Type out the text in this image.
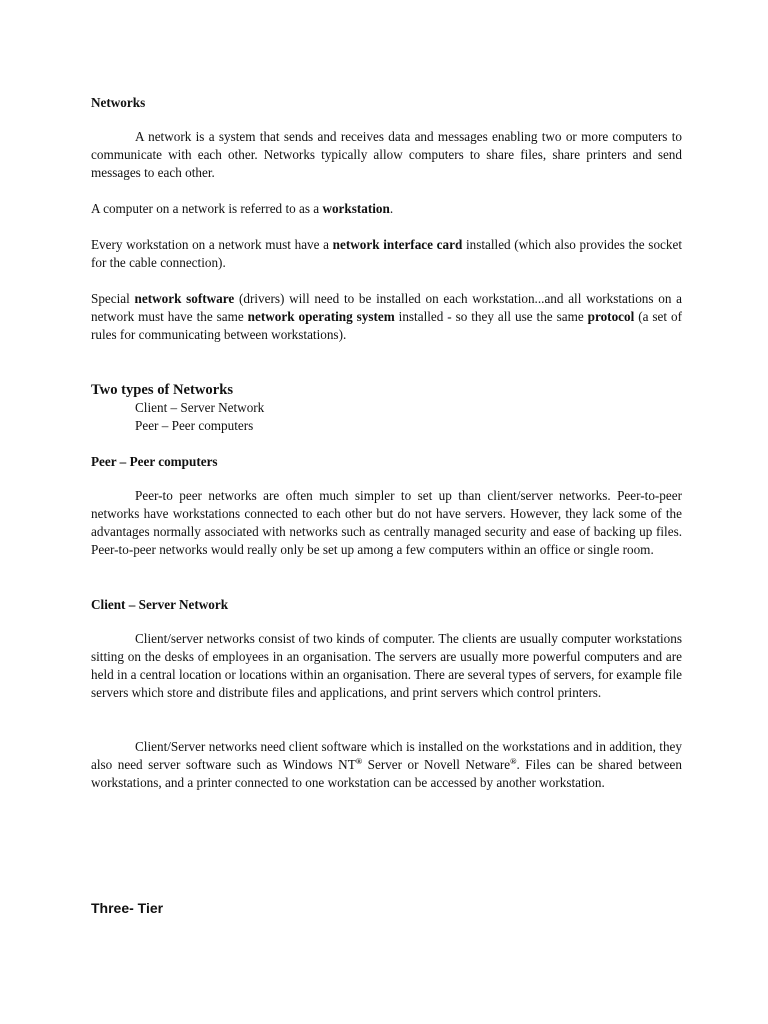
Networks

A network is a system that sends and receives data and messages enabling two or more computers to communicate with each other. Networks typically allow computers to share files, share printers and send messages to each other.

A computer on a network is referred to as a workstation.

Every workstation on a network must have a network interface card installed (which also provides the socket for the cable connection).

Special network software (drivers) will need to be installed on each workstation...and all workstations on a network must have the same network operating system installed - so they all use the same protocol (a set of rules for communicating between workstations).

Two types of Networks

Client – Server Network

Peer – Peer computers

Peer – Peer computers

Peer-to peer networks are often much simpler to set up than client/server networks. Peer-to-peer networks have workstations connected to each other but do not have servers. However, they lack some of the advantages normally associated with networks such as centrally managed security and ease of backing up files. Peer-to-peer networks would really only be set up among a few computers within an office or single room.

Client – Server Network

Client/server networks consist of two kinds of computer. The clients are usually computer workstations sitting on the desks of employees in an organisation. The servers are usually more powerful computers and are held in a central location or locations within an organisation. There are several types of servers, for example file servers which store and distribute files and applications, and print servers which control printers.

Client/Server networks need client software which is installed on the workstations and in addition, they also need server software such as Windows NT® Server or Novell Netware®. Files can be shared between workstations, and a printer connected to one workstation can be accessed by another workstation.

Three- Tier
